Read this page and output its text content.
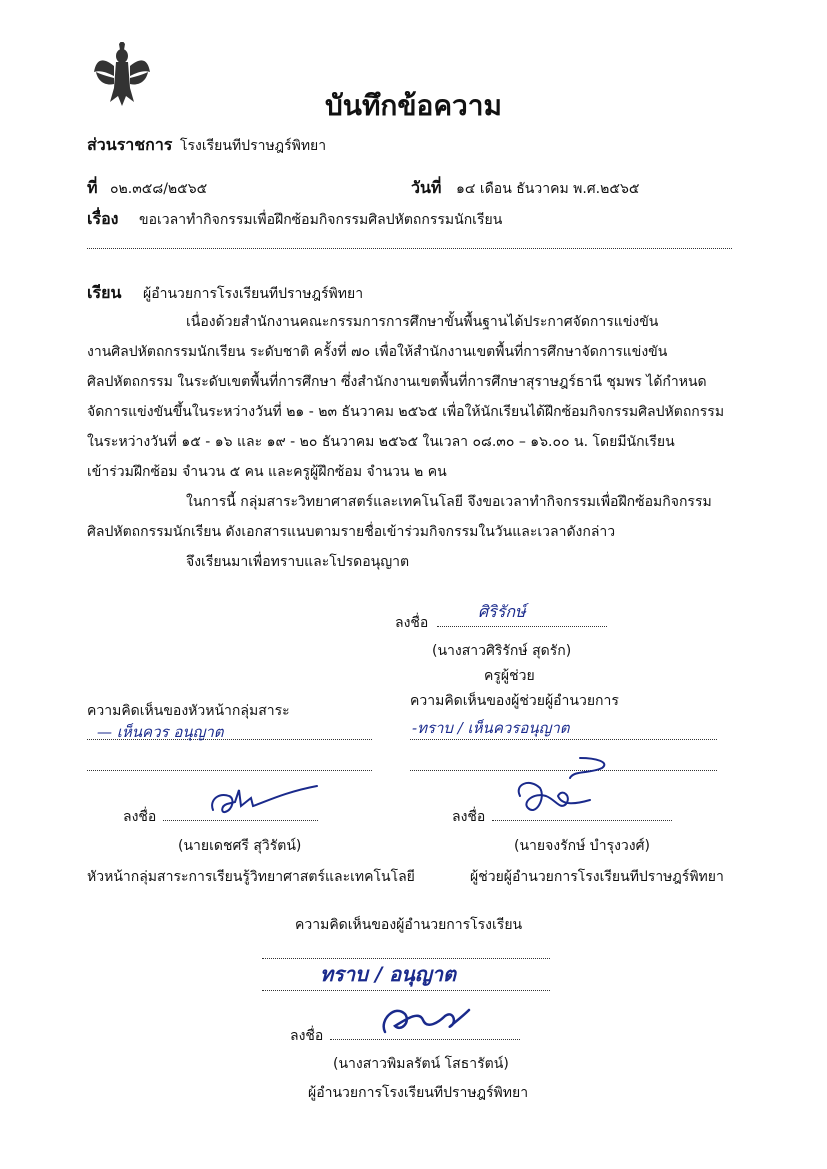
บันทึกข้อความ
ส่วนราชการ โรงเรียนทีปราษฎร์พิทยา
ที่ ๐๒.๓๕๘/๒๕๖๕	วันที่ ๑๔ เดือน ธันวาคม พ.ศ.๒๕๖๕
เรื่อง ขอเวลาทำกิจกรรมเพื่อฝึกซ้อมกิจกรรมศิลปหัตถกรรมนักเรียน
เรียน ผู้อำนวยการโรงเรียนทีปราษฎร์พิทยา
เนื่องด้วยสำนักงานคณะกรรมการการศึกษาขั้นพื้นฐานได้ประกาศจัดการแข่งขัน
งานศิลปหัตถกรรมนักเรียน ระดับชาติ ครั้งที่ ๗๐ เพื่อให้สำนักงานเขตพื้นที่การศึกษาจัดการแข่งขัน
ศิลปหัตถกรรม ในระดับเขตพื้นที่การศึกษา ซึ่งสำนักงานเขตพื้นที่การศึกษาสุราษฎร์ธานี ชุมพร ได้กำหนด
จัดการแข่งขันขึ้นในระหว่างวันที่ ๒๑ - ๒๓ ธันวาคม ๒๕๖๕ เพื่อให้นักเรียนได้ฝึกซ้อมกิจกรรมศิลปหัตถกรรม
ในระหว่างวันที่ ๑๕ - ๑๖ และ ๑๙ - ๒๐ ธันวาคม ๒๕๖๕ ในเวลา ๐๘.๓๐ – ๑๖.๐๐ น. โดยมีนักเรียน
เข้าร่วมฝึกซ้อม จำนวน ๕ คน และครูผู้ฝึกซ้อม จำนวน ๒ คน
ในการนี้ กลุ่มสาระวิทยาศาสตร์และเทคโนโลยี จึงขอเวลาทำกิจกรรมเพื่อฝึกซ้อมกิจกรรม
ศิลปหัตถกรรมนักเรียน ดังเอกสารแนบตามรายชื่อเข้าร่วมกิจกรรมในวันและเวลาดังกล่าว
จึงเรียนมาเพื่อทราบและโปรดอนุญาต
ลงชื่อ
ศิริรักษ์
(นางสาวศิริรักษ์ สุดรัก)
ครูผู้ช่วย
ความคิดเห็นของหัวหน้ากลุ่มสาระ
— เห็นควร อนุญาต
ลงชื่อ
(นายเดชศรี สุวิรัตน์)
หัวหน้ากลุ่มสาระการเรียนรู้วิทยาศาสตร์และเทคโนโลยี
ความคิดเห็นของผู้ช่วยผู้อำนวยการ
-ทราบ / เห็นควรอนุญาต
ลงชื่อ
(นายจงรักษ์ บำรุงวงศ์)
ผู้ช่วยผู้อำนวยการโรงเรียนทีปราษฎร์พิทยา
ความคิดเห็นของผู้อำนวยการโรงเรียน
ทราบ / อนุญาต
ลงชื่อ
(นางสาวพิมลรัตน์ โสธารัตน์)
ผู้อำนวยการโรงเรียนทีปราษฎร์พิทยา
